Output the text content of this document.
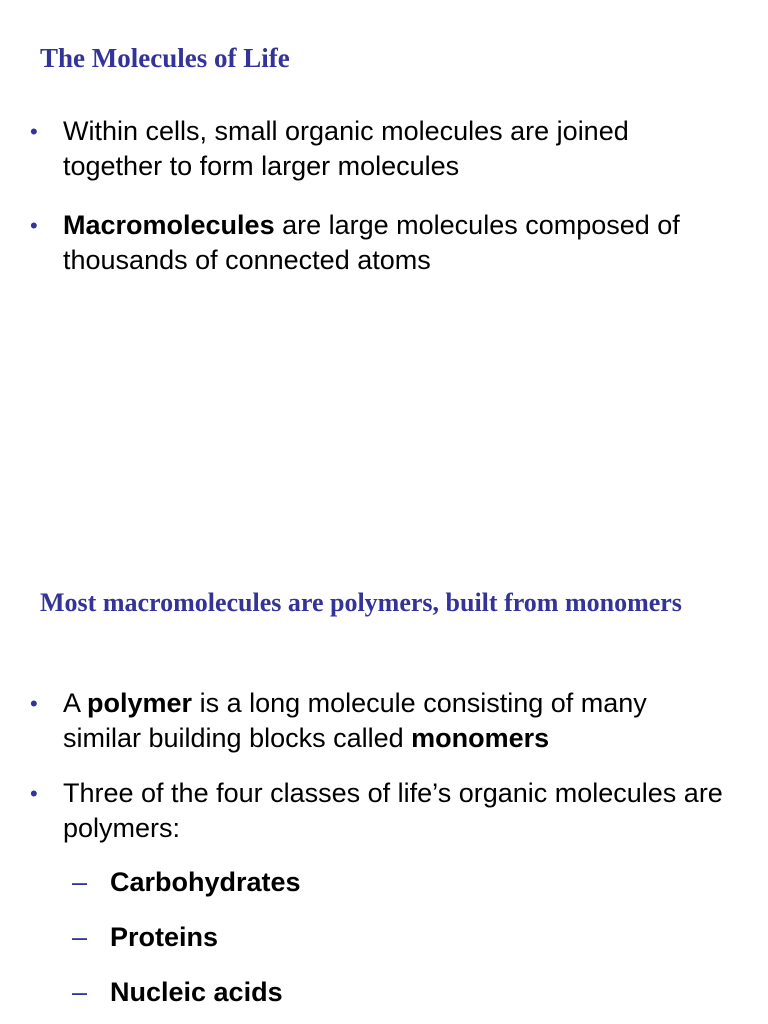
The Molecules of Life
• Within cells, small organic molecules are joined together to form larger molecules
• Macromolecules are large molecules composed of thousands of connected atoms
Most macromolecules are polymers, built from monomers
• A polymer is a long molecule consisting of many similar building blocks called monomers
• Three of the four classes of life’s organic molecules are polymers:
– Carbohydrates
– Proteins
– Nucleic acids
